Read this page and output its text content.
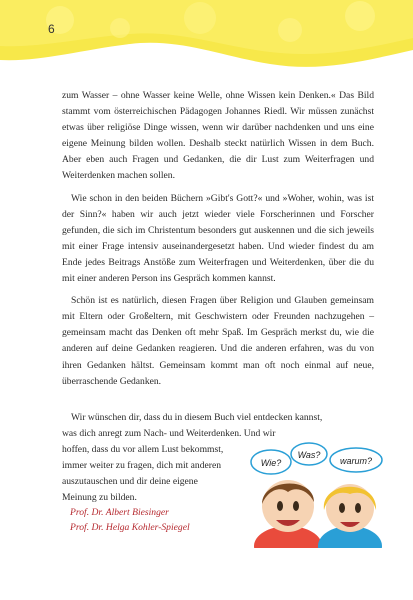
6

zum Wasser – ohne Wasser keine Welle, ohne Wissen kein Denken.« Das Bild stammt vom österreichischen Pädagogen Johannes Riedl. Wir müssen zunächst etwas über religiöse Dinge wissen, wenn wir darüber nachdenken und uns eine eigene Meinung bilden wollen. Deshalb steckt natürlich Wissen in dem Buch. Aber eben auch Fragen und Gedanken, die dir Lust zum Weiterfragen und Weiterdenken machen sollen.

Wie schon in den beiden Büchern »Gibt's Gott?« und »Woher, wohin, was ist der Sinn?« haben wir auch jetzt wieder viele Forscherinnen und Forscher gefunden, die sich im Christentum besonders gut auskennen und die sich jeweils mit einer Frage intensiv auseinandergesetzt haben. Und wieder findest du am Ende jedes Beitrags Anstöße zum Weiterfragen und Weiterdenken, über die du mit einer anderen Person ins Gespräch kommen kannst.

Schön ist es natürlich, diesen Fragen über Religion und Glauben gemeinsam mit Eltern oder Großeltern, mit Geschwistern oder Freunden nachzugehen – gemeinsam macht das Denken oft mehr Spaß. Im Gespräch merkst du, wie die anderen auf deine Gedanken reagieren. Und die anderen erfahren, was du von ihren Gedanken hältst. Gemeinsam kommt man oft noch einmal auf neue, überraschende Gedanken.

Wir wünschen dir, dass du in diesem Buch viel entdecken kannst,
was dich anregt zum Nach- und Weiterdenken. Und wir
hoffen, dass du vor allem Lust bekommst,
immer weiter zu fragen, dich mit anderen
auszutauschen und dir deine eigene
Meinung zu bilden.
Prof. Dr. Albert Biesinger
Prof. Dr. Helga Kohler-Spiegel
Wie?
Was?
warum?
